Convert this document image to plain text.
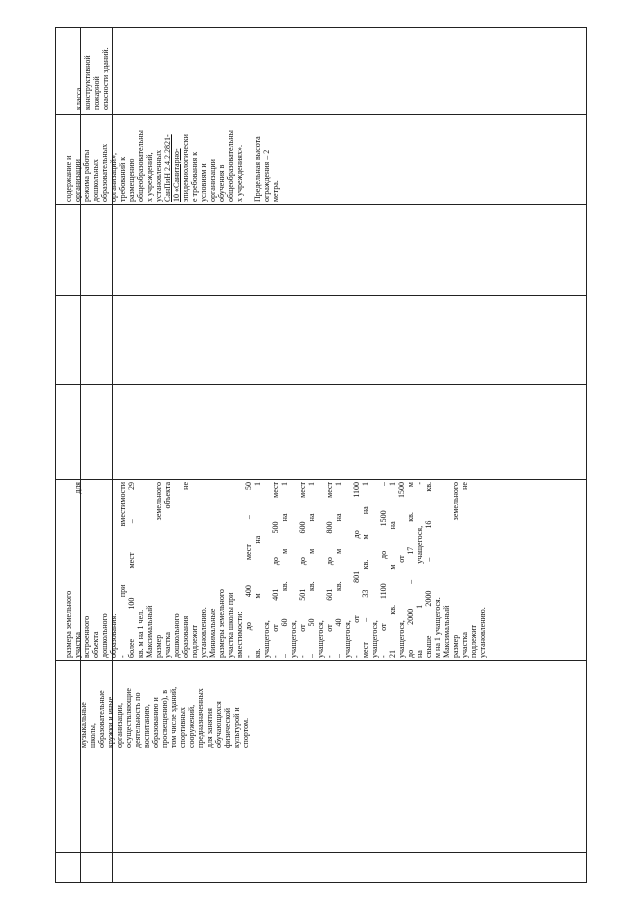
класса конструктивной пожарной опасности зданий.
содержание и организации режима работы дошкольных образовательных организаций», требований к размещению общеобразовательны х учреждений, установленных СанПиН 2.4.2.2821- 10 «Санитарно- эпидемиологически е требования к условиям и организации обучения в общеобразовательны х учреждениях». Предельная высота ограждения – 2 метра.
размера земельного участка для встроенного объекта дошкольного образования: - при вместимости более 100 мест – 29 кв. м на 1 чел. Максимальный размер земельного участка объекта дошкольного образования не подлежит установлению. Минимальные размеры земельного участка школы при вместимости: - до 400 мест – 50 кв. м на 1 учащегося, - от 401 до 500 мест – 60 кв. м на 1 учащегося, - от 501 до 600 мест – 50 кв. м на 1 учащегося, - от 601 до 800 мест – 40 кв. м на 1 учащегося, - от 801 до 1100 мест – 33 кв. м на 1 учащегося, - от 1100 до 1500 – 21 кв. м на 1 учащегося, от 1500 до 2000 – 17 кв. м на 1 учащегося, - свыше 2000 – 16 кв. м на 1 учащегося. Максимальный размер земельного участка не подлежит установлению.
музыкальные школы, образовательные кружки и иные организации, осуществляющие деятельность по воспитанию, образованию и просвещению), в том числе зданий, спортивных сооружений, предназначенных для занятия обучающихся физической культурой и спортом.
